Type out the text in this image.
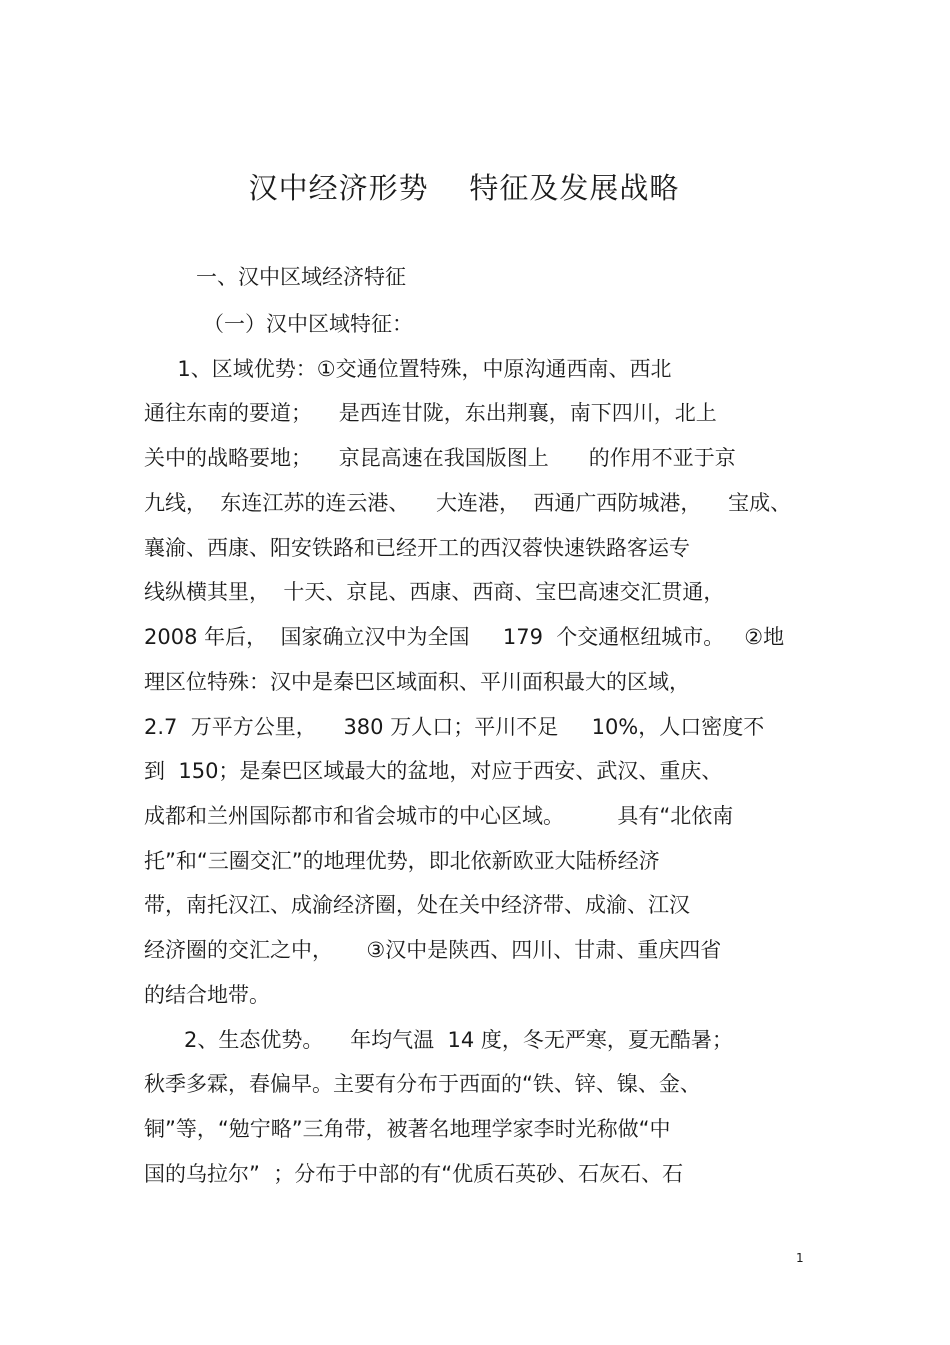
汉中经济形势    特征及发展战略
一、汉中区域经济特征
（一）汉中区域特征：
1、区域优势：①交通位置特殊，中原沟通西南、西北
通往东南的要道；    是西连甘陇，东出荆襄，南下四川，北上
关中的战略要地；    京昆高速在我国版图上      的作用不亚于京
九线，  东连江苏的连云港、    大连港，  西通广西防城港，    宝成、
襄渝、西康、阳安铁路和已经开工的西汉蓉快速铁路客运专
线纵横其里，  十天、京昆、西康、西商、宝巴高速交汇贯通，
2008 年后，  国家确立汉中为全国     179  个交通枢纽城市。   ②地
理区位特殊：汉中是秦巴区域面积、平川面积最大的区域，
2.7  万平方公里，    380 万人口；平川不足     10%，人口密度不
到  150；是秦巴区域最大的盆地，对应于西安、武汉、重庆、
成都和兰州国际都市和省会城市的中心区域。        具有“北依南
托”和“三圈交汇”的地理优势，即北依新欧亚大陆桥经济
带，南托汉江、成渝经济圈，处在关中经济带、成渝、江汉
经济圈的交汇之中，     ③汉中是陕西、四川、甘肃、重庆四省
的结合地带。
2、生态优势。    年均气温  14 度，冬无严寒，夏无酷暑；
秋季多霖，春偏早。主要有分布于西面的“铁、锌、镍、金、
铜”等，“勉宁略”三角带，被著名地理学家李时光称做“中
国的乌拉尔”  ；分布于中部的有“优质石英砂、石灰石、石
1
